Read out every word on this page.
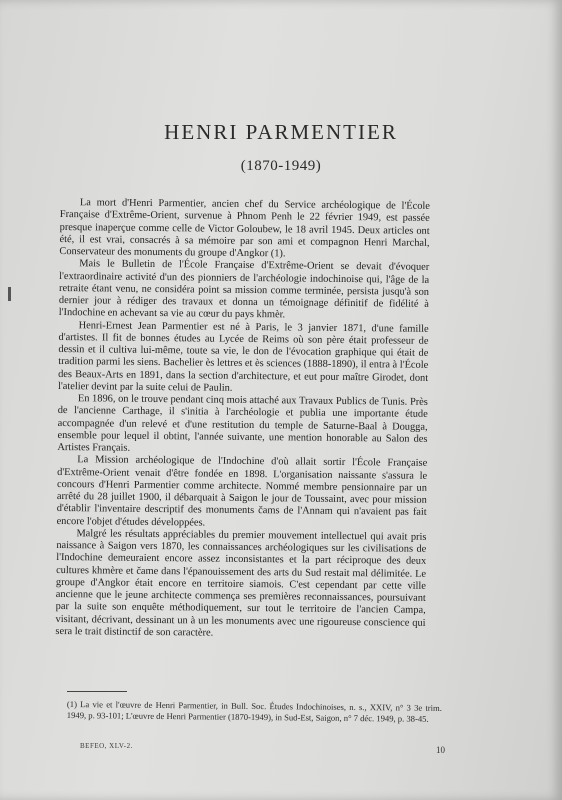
HENRI PARMENTIER
(1870-1949)

La mort d'Henri Parmentier, ancien chef du Service archéologique de l'École Française d'Extrême-Orient, survenue à Phnom Penh le 22 février 1949, est passée presque inaperçue comme celle de Victor Goloubew, le 18 avril 1945. Deux articles ont été, il est vrai, consacrés à sa mémoire par son ami et compagnon Henri Marchal, Conservateur des monuments du groupe d'Angkor (1).

Mais le Bulletin de l'École Française d'Extrême-Orient se devait d'évoquer l'extraordinaire activité d'un des pionniers de l'archéologie indochinoise qui, l'âge de la retraite étant venu, ne considéra point sa mission comme terminée, persista jusqu'à son dernier jour à rédiger des travaux et donna un témoignage définitif de fidélité à l'Indochine en achevant sa vie au cœur du pays khmèr.

Henri-Ernest Jean Parmentier est né à Paris, le 3 janvier 1871, d'une famille d'artistes. Il fit de bonnes études au Lycée de Reims où son père était professeur de dessin et il cultiva lui-même, toute sa vie, le don de l'évocation graphique qui était de tradition parmi les siens. Bachelier ès lettres et ès sciences (1888-1890), il entra à l'École des Beaux-Arts en 1891, dans la section d'architecture, et eut pour maître Girodet, dont l'atelier devint par la suite celui de Paulin.

En 1896, on le trouve pendant cinq mois attaché aux Travaux Publics de Tunis. Près de l'ancienne Carthage, il s'initia à l'archéologie et publia une importante étude accompagnée d'un relevé et d'une restitution du temple de Saturne-Baal à Dougga, ensemble pour lequel il obtint, l'année suivante, une mention honorable au Salon des Artistes Français.

La Mission archéologique de l'Indochine d'où allait sortir l'École Française d'Extrême-Orient venait d'être fondée en 1898. L'organisation naissante s'assura le concours d'Henri Parmentier comme architecte. Nommé membre pensionnaire par un arrêté du 28 juillet 1900, il débarquait à Saigon le jour de Toussaint, avec pour mission d'établir l'inventaire descriptif des monuments čams de l'Annam qui n'avaient pas fait encore l'objet d'études développées.

Malgré les résultats appréciables du premier mouvement intellectuel qui avait pris naissance à Saigon vers 1870, les connaissances archéologiques sur les civilisations de l'Indochine demeuraient encore assez inconsistantes et la part réciproque des deux cultures khmère et čame dans l'épanouissement des arts du Sud restait mal délimitée. Le groupe d'Angkor était encore en territoire siamois. C'est cependant par cette ville ancienne que le jeune architecte commença ses premières reconnaissances, poursuivant par la suite son enquête méthodiquement, sur tout le territoire de l'ancien Campa, visitant, décrivant, dessinant un à un les monuments avec une rigoureuse conscience qui sera le trait distinctif de son caractère.

(1) La vie et l'œuvre de Henri Parmentier, in Bull. Soc. Études Indochinoises, n. s., XXIV, n° 3 3e trim. 1949, p. 93-101; L'œuvre de Henri Parmentier (1870-1949), in Sud-Est, Saigon, n° 7 déc. 1949, p. 38-45.
BEFEO, XLV-2.	10
